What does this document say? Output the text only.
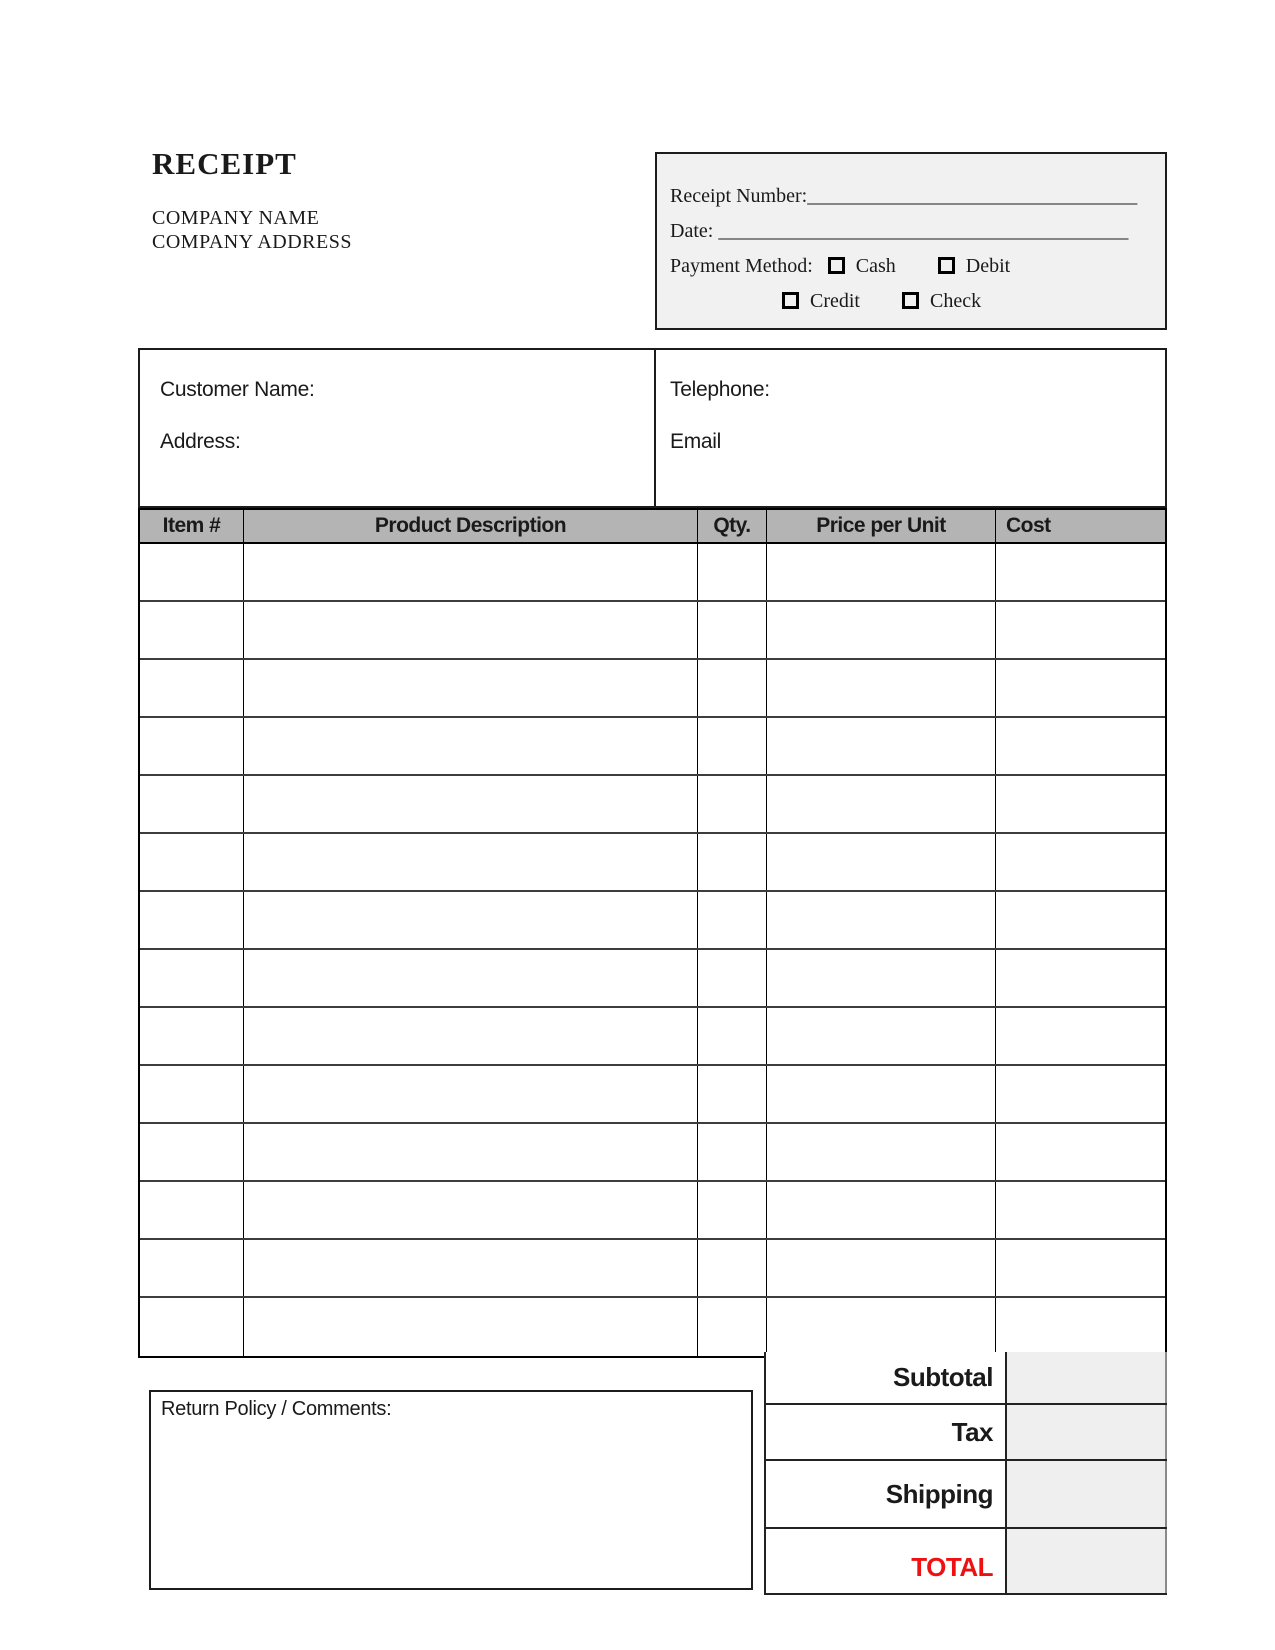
RECEIPT
COMPANY NAME
COMPANY ADDRESS
Receipt Number:_________________________________
Date: _________________________________________
Payment Method: Cash	Debit
Credit	Check
Customer Name:
Address:
Telephone:
Email
Item #	Product Description	Qty.	Price per Unit	Cost
Subtotal
Tax
Shipping
TOTAL
Return Policy / Comments:
